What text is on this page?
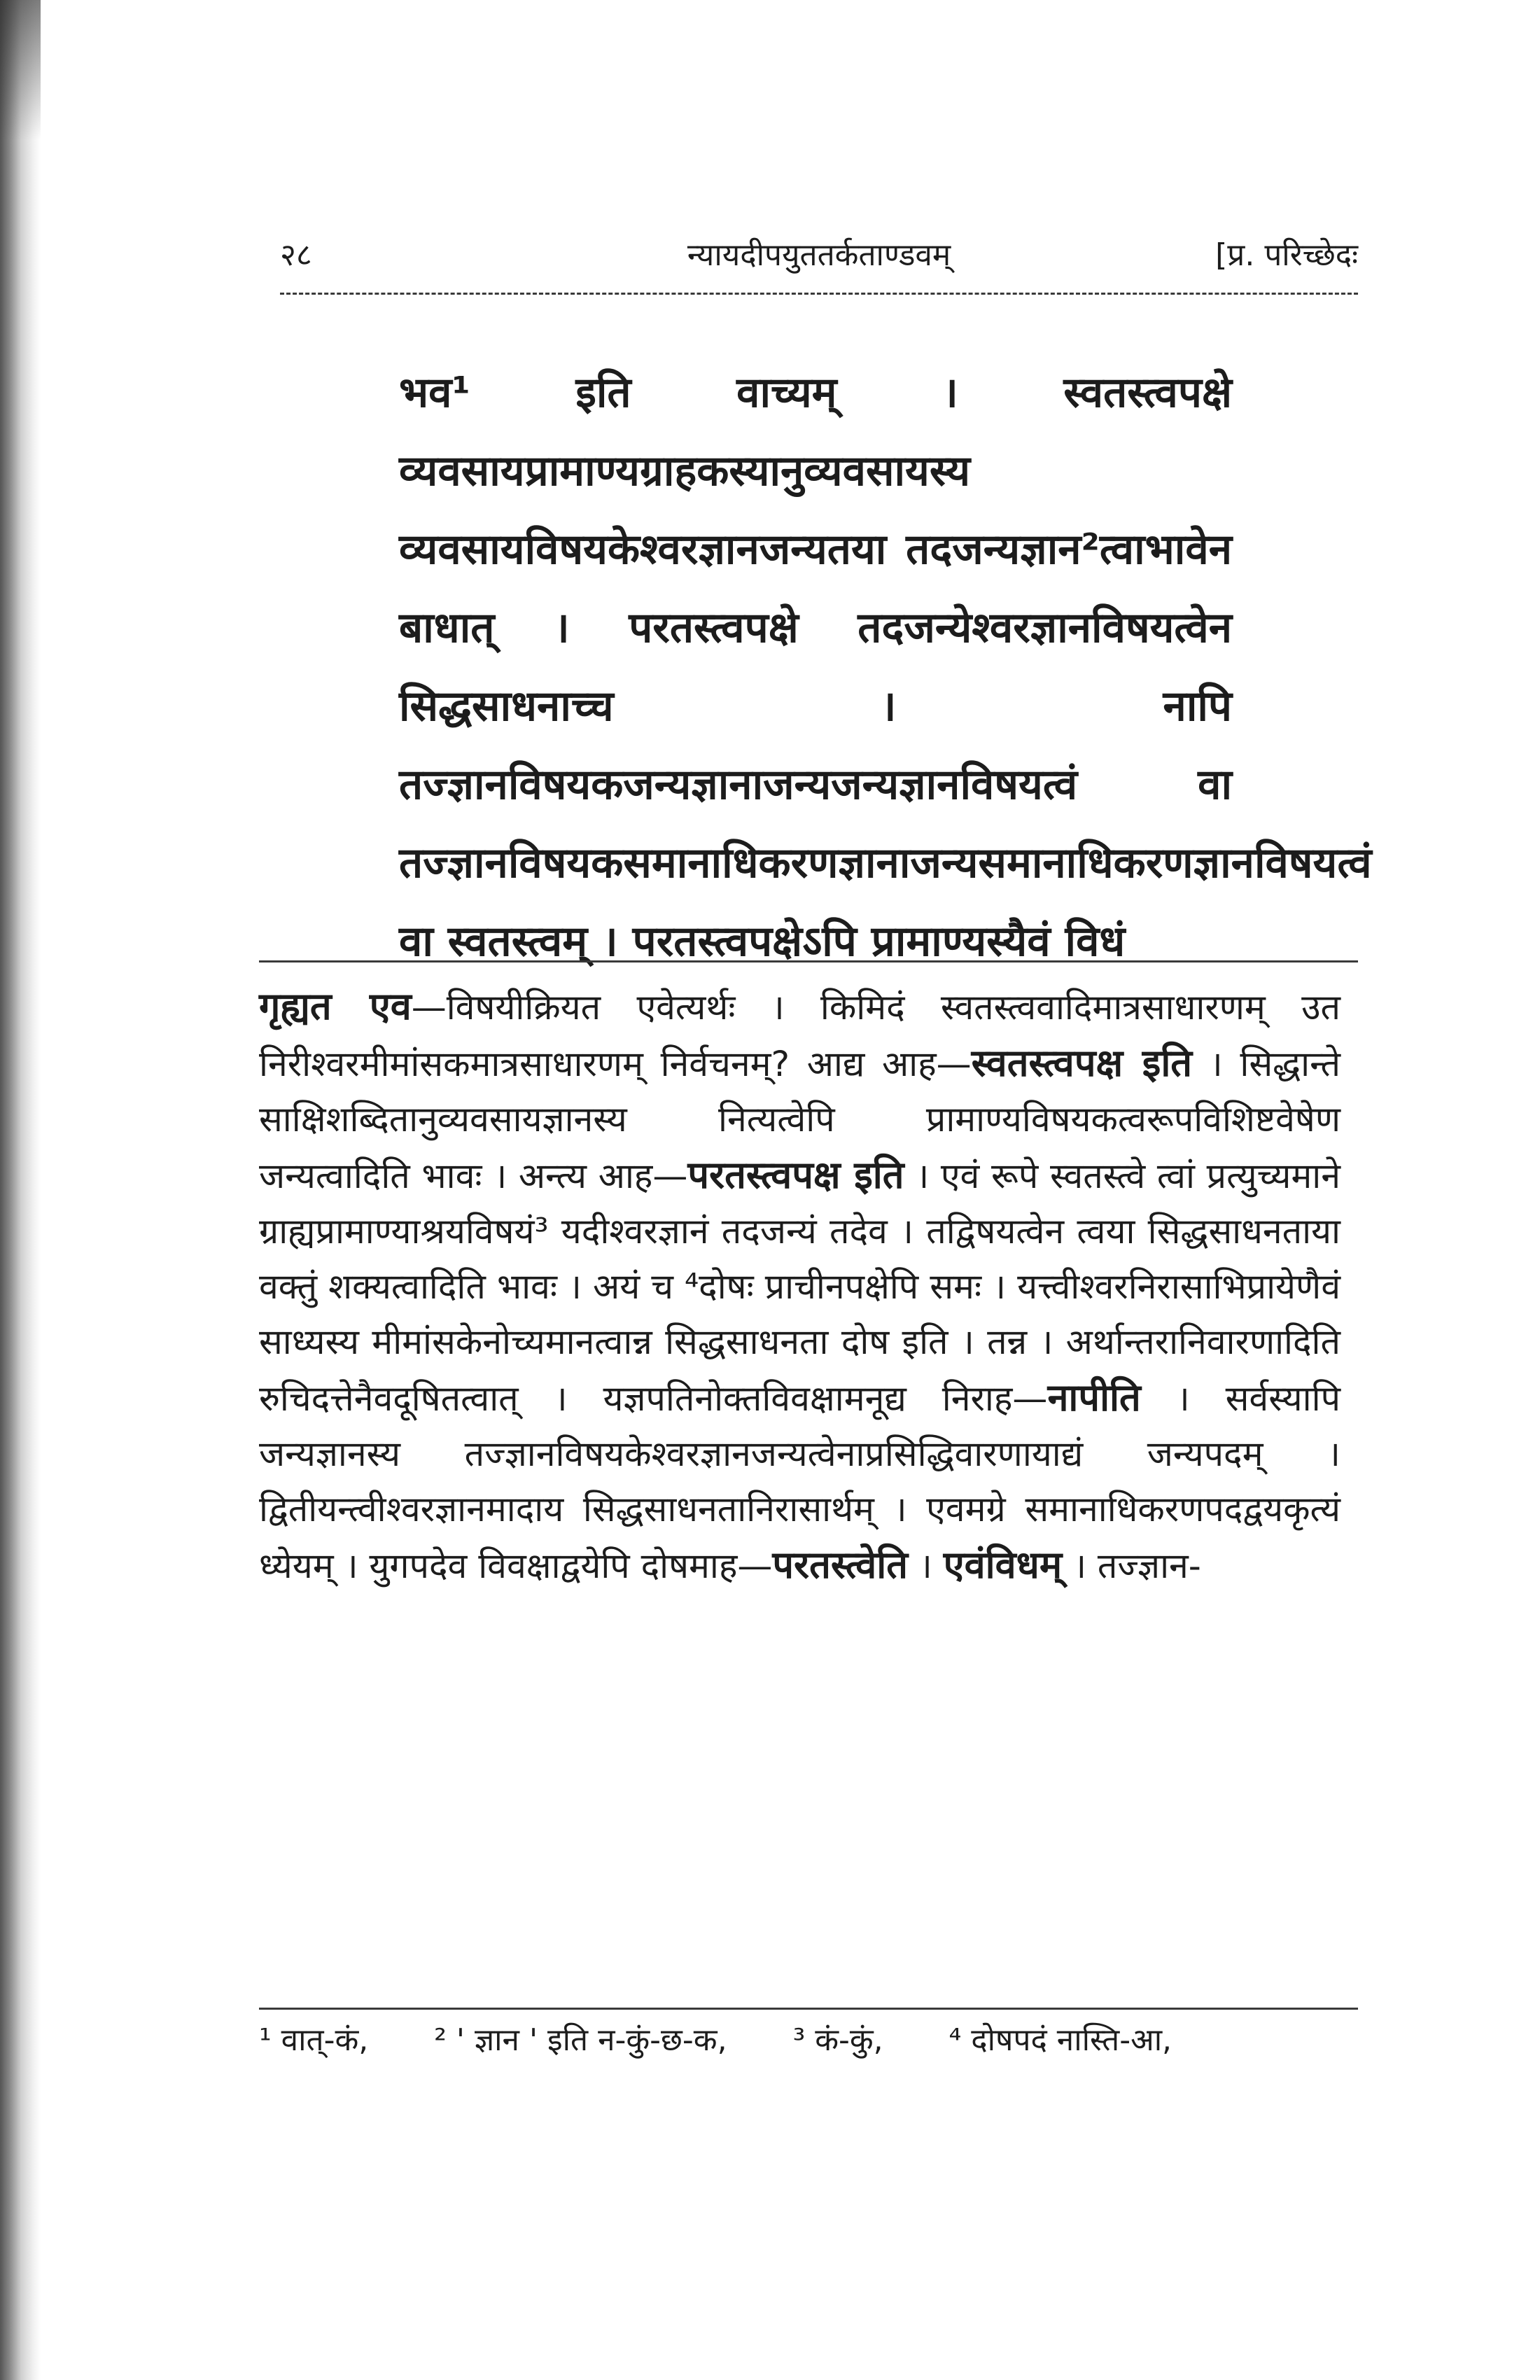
२८	न्यायदीपयुततर्कताण्डवम्	[प्र. परिच्छेदः
भव¹ इति वाच्यम् । स्वतस्त्वपक्षे व्यवसायप्रामाण्यग्राहकस्यानुव्यवसायस्य व्यवसायविषयकेश्वरज्ञानजन्यतया तदजन्यज्ञान²त्वाभावेन बाधात् । परतस्त्वपक्षे तदजन्येश्वरज्ञानविषयत्वेन सिद्धसाधनाच्च । नापि तज्ज्ञानविषयकजन्यज्ञानाजन्यजन्यज्ञानविषयत्वं वा तज्ज्ञानविषयकसमानाधिकरणज्ञानाजन्यसमानाधिकरणज्ञानविषयत्वं वा स्वतस्त्वम् । परतस्त्वपक्षेऽपि प्रामाण्यस्यैवं विधं
गृह्यत एव—विषयीक्रियत एवेत्यर्थः । किमिदं स्वतस्त्ववादिमात्रसाधारणम् उत निरीश्वरमीमांसकमात्रसाधारणम् निर्वचनम्? आद्य आह—स्वतस्त्वपक्ष इति । सिद्धान्ते साक्षिशब्दितानुव्यवसायज्ञानस्य नित्यत्वेपि प्रामाण्यविषयकत्वरूपविशिष्टवेषेण जन्यत्वादिति भावः । अन्त्य आह—परतस्त्वपक्ष इति । एवं रूपे स्वतस्त्वे त्वां प्रत्युच्यमाने ग्राह्यप्रामाण्याश्रयविषयं³ यदीश्वरज्ञानं तदजन्यं तदेव । तद्विषयत्वेन त्वया सिद्धसाधनताया वक्तुं शक्यत्वादिति भावः । अयं च ⁴दोषः प्राचीनपक्षेपि समः । यत्त्वीश्वरनिरासाभिप्रायेणैवं साध्यस्य मीमांसकेनोच्यमानत्वान्न सिद्धसाधनता दोष इति । तन्न । अर्थान्तरानिवारणादिति रुचिदत्तेनैवदूषितत्वात् । यज्ञपतिनोक्तविवक्षामनूद्य निराह—नापीति । सर्वस्यापि जन्यज्ञानस्य तज्ज्ञानविषयकेश्वरज्ञानजन्यत्वेनाप्रसिद्धिवारणायाद्यं जन्यपदम् । द्वितीयन्त्वीश्वरज्ञानमादाय सिद्धसाधनतानिरासार्थम् । एवमग्रे समानाधिकरणपदद्वयकृत्यं ध्येयम् । युगपदेव विवक्षाद्वयेपि दोषमाह—परतस्त्वेति । एवंविधम् । तज्ज्ञान-
¹ वात्-कं, ² ' ज्ञान ' इति न-कुं-छ-क, ³ कं-कुं, ⁴ दोषपदं नास्ति-आ,
